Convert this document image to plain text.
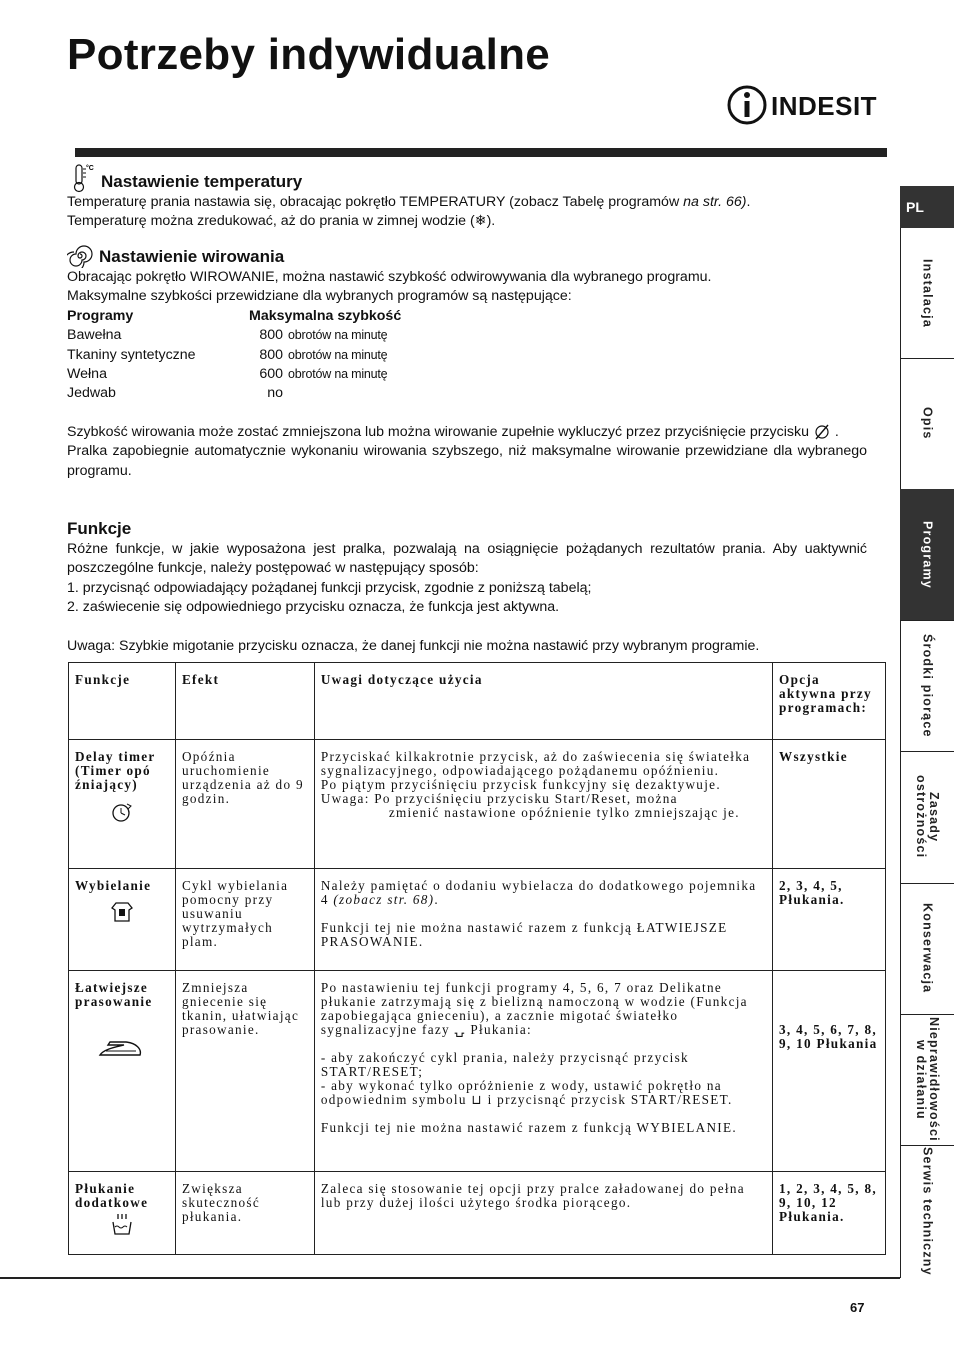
Potrzeby indywidualne
INDESIT
°C
Nastawienie temperatury

Temperaturę prania nastawia się, obracając pokrętło TEMPERATURY (zobacz Tabelę programów na str. 66).

Temperaturę można zredukować, aż do prania w zimnej wodzie (❄).

Nastawienie wirowania

Obracając pokrętło WIROWANIE, można nastawić szybkość odwirowywania dla wybranego programu.

Maksymalne szybkości przewidziane dla wybranych programów są następujące:

Programy	Maksymalna szybkość
Bawełna	800 obrotów na minutę
Tkaniny syntetyczne	800 obrotów na minutę
Wełna	600 obrotów na minutę
Jedwab	no

Szybkość wirowania może zostać zmniejszona lub można wirowanie zupełnie wykluczyć przez przyciśnięcie przycisku .

Pralka zapobiegnie automatycznie wykonaniu wirowania szybszego, niż maksymalne wirowanie przewidziane dla wybranego programu.

Funkcje

Różne funkcje, w jakie wyposażona jest pralka, pozwalają na osiągnięcie pożądanych rezultatów prania. Aby uaktywnić poszczególne funkcje, należy postępować w następujący sposób:

1. przycisnąć odpowiadający pożądanej funkcji przycisk, zgodnie z poniższą tabelą;

2. zaświecenie się odpowiedniego przycisku oznacza, że funkcja jest aktywna.

Uwaga: Szybkie migotanie przycisku oznacza, że danej funkcji nie można nastawić przy wybranym programie.

Funkcje	Efekt	Uwagi dotyczące użycia	Opcja aktywna przy programach:

Delay timer (Timer opó źniający)	Opóźnia uruchomienie urządzenia aż do 9 godzin.	Przyciskać kilkakrotnie przycisk, aż do zaświecenia się światełka sygnalizacyjnego, odpowiadającego pożądanemu opóźnieniu.
Po piątym przyciśnięciu przycisk funkcyjny się dezaktywuje.
Uwaga: Po przyciśnięciu przycisku Start/Reset, można
zmienić nastawione opóźnienie tylko zmniejszając je.	Wszystkie

Wybielanie	Cykl wybielania pomocny przy usuwaniu wytrzymałych plam.	Należy pamiętać o dodaniu wybielacza do dodatkowego pojemnika 4 (zobacz str. 68).
Funkcji tej nie można nastawić razem z funkcją ŁATWIEJSZE PRASOWANIE.	2, 3, 4, 5, Płukania.

Łatwiejsze prasowanie	Zmniejsza gniecenie się tkanin, ułatwiając prasowanie.	Po nastawieniu tej funkcji programy 4, 5, 6, 7 oraz Delikatne płukanie zatrzymają się z bielizną namoczoną w wodzie (Funkcja zapobiegająca gnieceniu), a zacznie migotać światełko sygnalizacyjne fazy ⍽ Płukania:
- aby zakończyć cykl prania, należy przycisnąć przycisk START/RESET;
- aby wykonać tylko opróżnienie z wody, ustawić pokrętło na odpowiednim symbolu ⊔ i przycisnąć przycisk START/RESET.
Funkcji tej nie można nastawić razem z funkcją WYBIELANIE.	3, 4, 5, 6, 7, 8, 9, 10 Płukania

Płukanie dodatkowe	Zwiększa skuteczność płukania.	Zaleca się stosowanie tej opcji przy pralce załadowanej do pełna lub przy dużej ilości użytego środka piorącego.	1, 2, 3, 4, 5, 8, 9, 10, 12 Płukania.
PL
Instalacja
Opis
Programy
Środki piorące
Zasady ostrożności
Konserwacja
Nieprawidłowości w działaniu
Serwis techniczny
67
